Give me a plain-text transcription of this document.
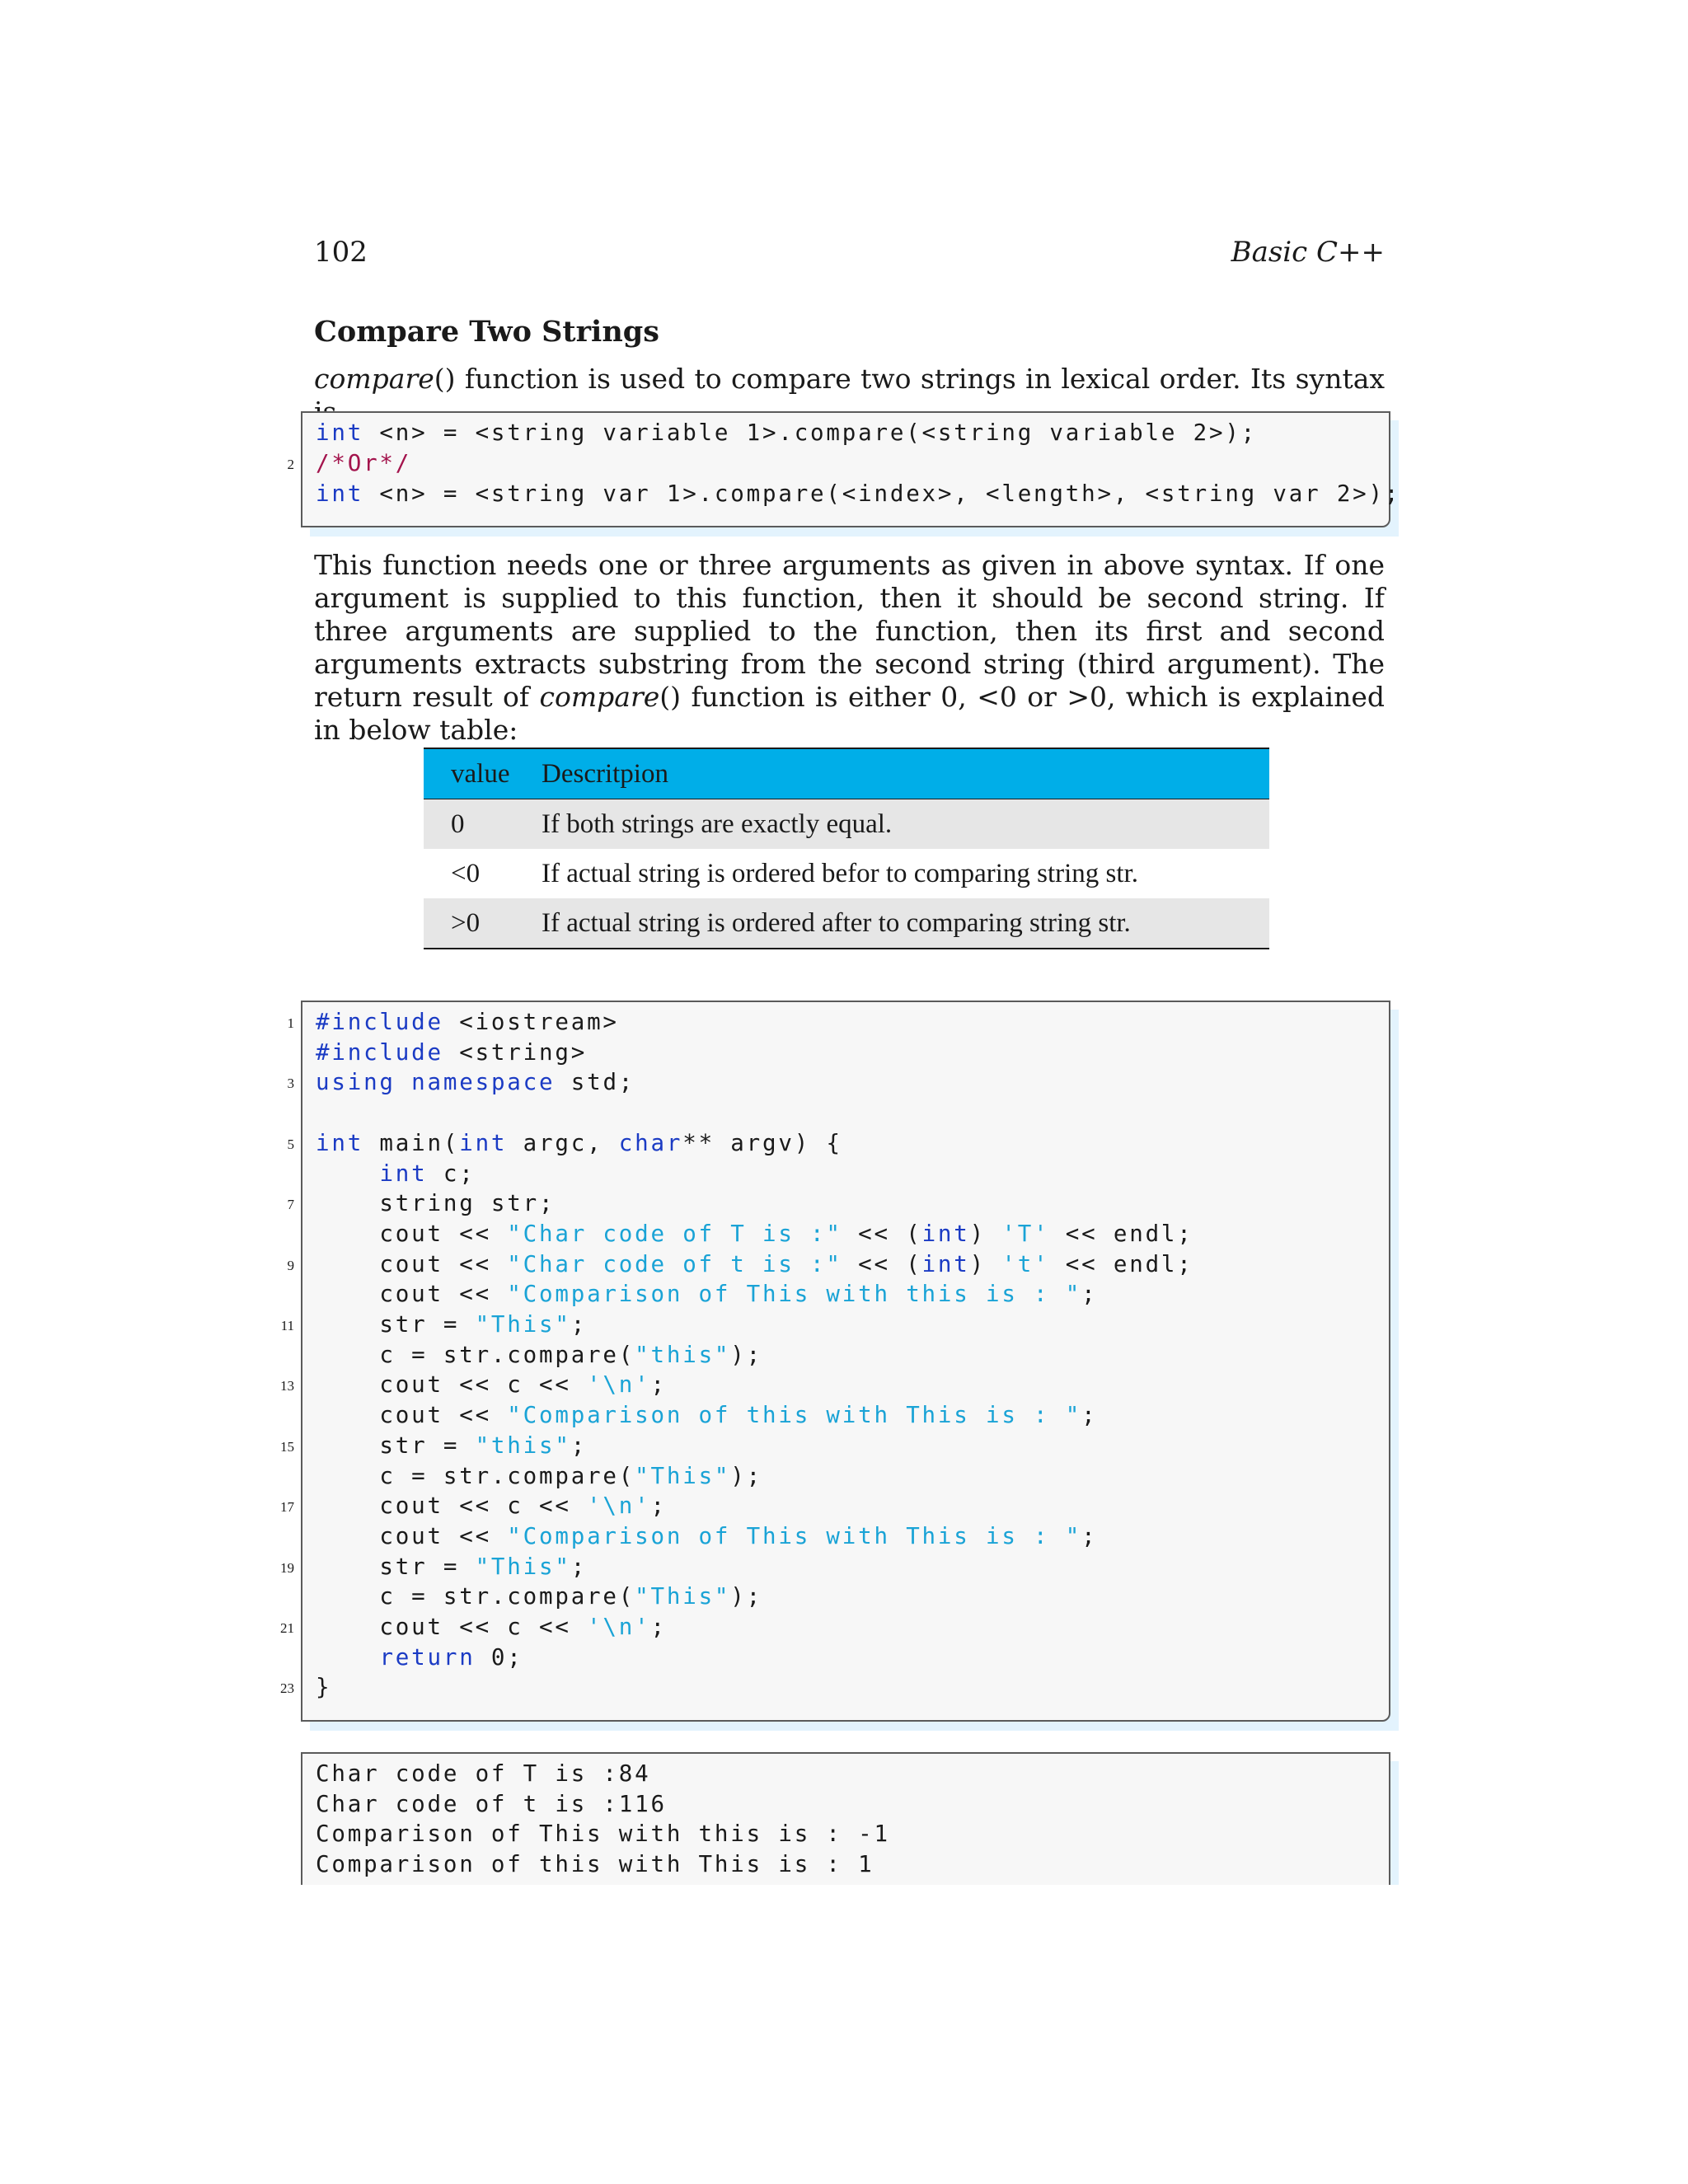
102	Basic C++
Compare Two Strings
compare() function is used to compare two strings in lexical order. Its syntax
int <n> = <string variable 1>.compare(<string variable 2>);
/*Or*/
2
int <n> = <string var 1>.compare(<index>, <length>, <string var 2>);
This function needs one or three arguments as given in above syntax. If one argument is supplied to this function, then it should be second string. If three arguments are supplied to the function, then its first and second arguments extracts substring from the second string (third argument). The return result of compare() function is either 0, <0 or >0, which is explained in below table:
value	Descritpion
0	If both strings are exactly equal.
<0	If actual string is ordered befor to comparing string str.
>0	If actual string is ordered after to comparing string str.
#include <iostream>
1
#include <string>
using namespace std;
3
int main(int argc, char** argv) {
5
int c;
string str;
7
cout << "Char code of T is :" << (int) 'T' << endl;
cout << "Char code of t is :" << (int) 't' << endl;
9
cout << "Comparison of This with this is : ";
str = "This";
11
c = str.compare("this");
cout << c << '\n';
13
cout << "Comparison of this with This is : ";
str = "this";
15
c = str.compare("This");
cout << c << '\n';
17
cout << "Comparison of This with This is : ";
str = "This";
19
c = str.compare("This");
cout << c << '\n';
21
return 0;
}
23
Char code of T is :84
Char code of t is :116
Comparison of This with this is : -1
Comparison of this with This is : 1
